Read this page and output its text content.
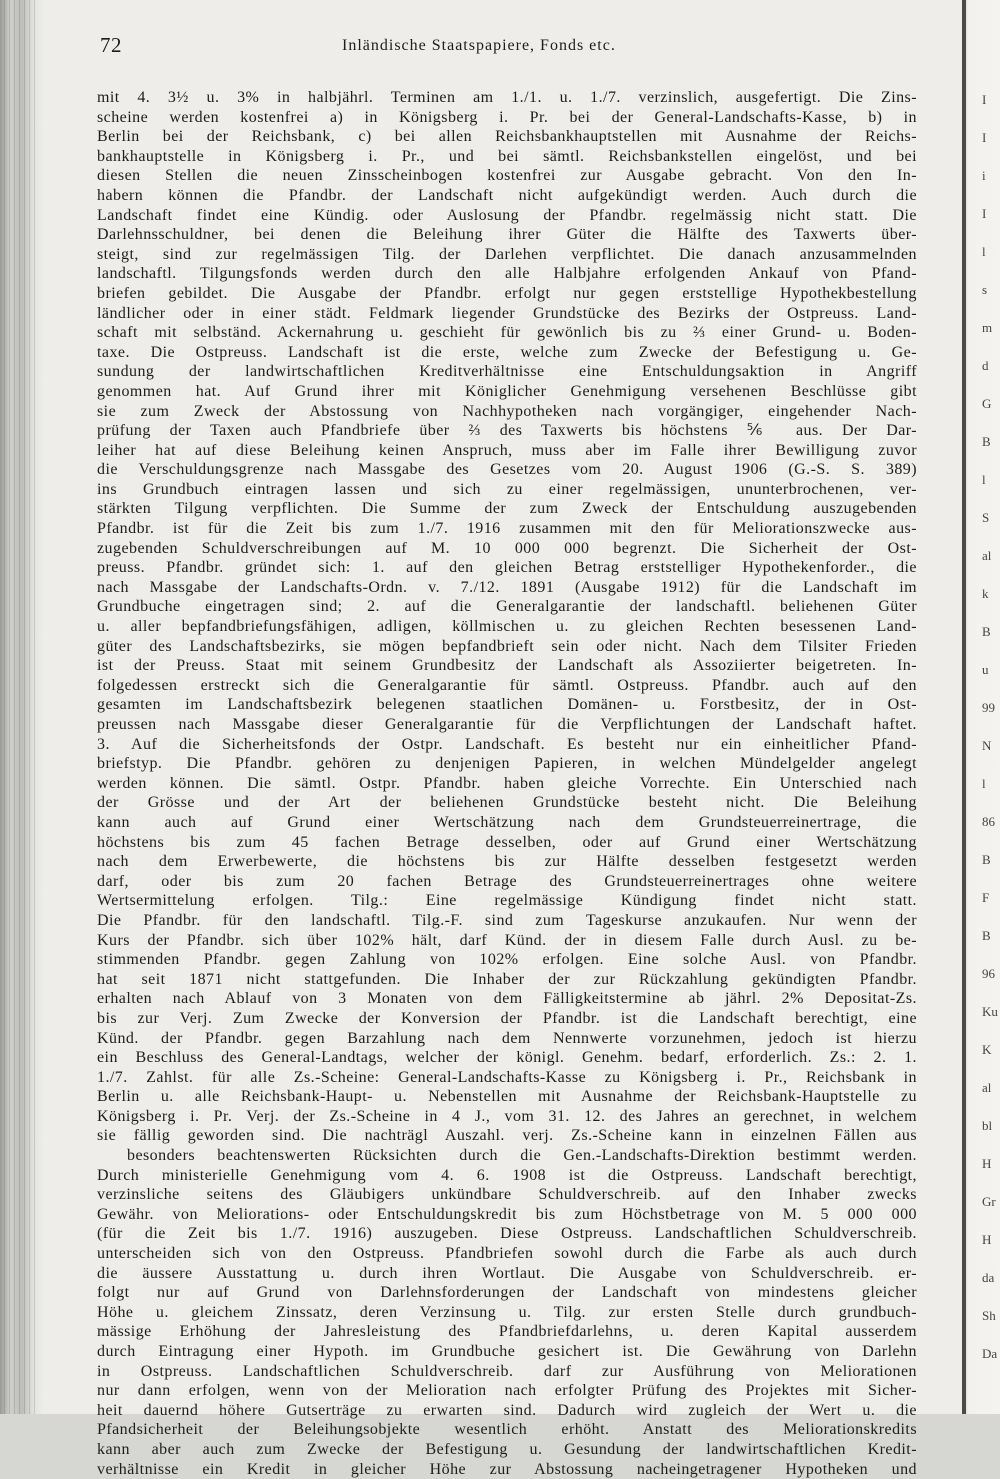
72	Inländische Staatspapiere, Fonds etc.
mit 4. 3½ u. 3% in halbjährl. Terminen am 1./1. u. 1./7. verzinslich, ausgefertigt. Die Zins-
scheine werden kostenfrei a) in Königsberg i. Pr. bei der General-Landschafts-Kasse, b) in
Berlin bei der Reichsbank, c) bei allen Reichsbankhauptstellen mit Ausnahme der Reichs-
bankhauptstelle in Königsberg i. Pr., und bei sämtl. Reichsbankstellen eingelöst, und bei
diesen Stellen die neuen Zinsscheinbogen kostenfrei zur Ausgabe gebracht. Von den In-
habern können die Pfandbr. der Landschaft nicht aufgekündigt werden. Auch durch die
Landschaft findet eine Kündig. oder Auslosung der Pfandbr. regelmässig nicht statt. Die
Darlehnsschuldner, bei denen die Beleihung ihrer Güter die Hälfte des Taxwerts über-
steigt, sind zur regelmässigen Tilg. der Darlehen verpflichtet. Die danach anzusammelnden
landschaftl. Tilgungsfonds werden durch den alle Halbjahre erfolgenden Ankauf von Pfand-
briefen gebildet. Die Ausgabe der Pfandbr. erfolgt nur gegen erststellige Hypothekbestellung
ländlicher oder in einer städt. Feldmark liegender Grundstücke des Bezirks der Ostpreuss. Land-
schaft mit selbständ. Ackernahrung u. geschieht für gewönlich bis zu ⅔ einer Grund- u. Boden-
taxe. Die Ostpreuss. Landschaft ist die erste, welche zum Zwecke der Befestigung u. Ge-
sundung der landwirtschaftlichen Kreditverhältnisse eine Entschuldungsaktion in Angriff
genommen hat. Auf Grund ihrer mit Königlicher Genehmigung versehenen Beschlüsse gibt
sie zum Zweck der Abstossung von Nachhypotheken nach vorgängiger, eingehender Nach-
prüfung der Taxen auch Pfandbriefe über ⅔ des Taxwerts bis höchstens ⅚ aus. Der Dar-
leiher hat auf diese Beleihung keinen Anspruch, muss aber im Falle ihrer Bewilligung zuvor
die Verschuldungsgrenze nach Massgabe des Gesetzes vom 20. August 1906 (G.-S. S. 389)
ins Grundbuch eintragen lassen und sich zu einer regelmässigen, ununterbrochenen, ver-
stärkten Tilgung verpflichten. Die Summe der zum Zweck der Entschuldung auszugebenden
Pfandbr. ist für die Zeit bis zum 1./7. 1916 zusammen mit den für Meliorationszwecke aus-
zugebenden Schuldverschreibungen auf M. 10 000 000 begrenzt. Die Sicherheit der Ost-
preuss. Pfandbr. gründet sich: 1. auf den gleichen Betrag erststelliger Hypothekenforder., die
nach Massgabe der Landschafts-Ordn. v. 7./12. 1891 (Ausgabe 1912) für die Landschaft im
Grundbuche eingetragen sind; 2. auf die Generalgarantie der landschaftl. beliehenen Güter
u. aller bepfandbriefungsfähigen, adligen, köllmischen u. zu gleichen Rechten besessenen Land-
güter des Landschaftsbezirks, sie mögen bepfandbrieft sein oder nicht. Nach dem Tilsiter Frieden
ist der Preuss. Staat mit seinem Grundbesitz der Landschaft als Assoziierter beigetreten. In-
folgedessen erstreckt sich die Generalgarantie für sämtl. Ostpreuss. Pfandbr. auch auf den
gesamten im Landschaftsbezirk belegenen staatlichen Domänen- u. Forstbesitz, der in Ost-
preussen nach Massgabe dieser Generalgarantie für die Verpflichtungen der Landschaft haftet.
3. Auf die Sicherheitsfonds der Ostpr. Landschaft. Es besteht nur ein einheitlicher Pfand-
briefstyp. Die Pfandbr. gehören zu denjenigen Papieren, in welchen Mündelgelder angelegt
werden können. Die sämtl. Ostpr. Pfandbr. haben gleiche Vorrechte. Ein Unterschied nach
der Grösse und der Art der beliehenen Grundstücke besteht nicht. Die Beleihung
kann auch auf Grund einer Wertschätzung nach dem Grundsteuerreinertrage, die
höchstens bis zum 45 fachen Betrage desselben, oder auf Grund einer Wertschätzung
nach dem Erwerbewerte, die höchstens bis zur Hälfte desselben festgesetzt werden
darf, oder bis zum 20 fachen Betrage des Grundsteuerreinertrages ohne weitere
Wertsermittelung erfolgen. Tilg.: Eine regelmässige Kündigung findet nicht statt.
Die Pfandbr. für den landschaftl. Tilg.-F. sind zum Tageskurse anzukaufen. Nur wenn der
Kurs der Pfandbr. sich über 102% hält, darf Künd. der in diesem Falle durch Ausl. zu be-
stimmenden Pfandbr. gegen Zahlung von 102% erfolgen. Eine solche Ausl. von Pfandbr.
hat seit 1871 nicht stattgefunden. Die Inhaber der zur Rückzahlung gekündigten Pfandbr.
erhalten nach Ablauf von 3 Monaten von dem Fälligkeitstermine ab jährl. 2% Depositat-Zs.
bis zur Verj. Zum Zwecke der Konversion der Pfandbr. ist die Landschaft berechtigt, eine
Künd. der Pfandbr. gegen Barzahlung nach dem Nennwerte vorzunehmen, jedoch ist hierzu
ein Beschluss des General-Landtags, welcher der königl. Genehm. bedarf, erforderlich. Zs.: 2. 1.
1./7. Zahlst. für alle Zs.-Scheine: General-Landschafts-Kasse zu Königsberg i. Pr., Reichsbank in
Berlin u. alle Reichsbank-Haupt- u. Nebenstellen mit Ausnahme der Reichsbank-Hauptstelle zu
Königsberg i. Pr. Verj. der Zs.-Scheine in 4 J., vom 31. 12. des Jahres an gerechnet, in welchem
sie fällig geworden sind. Die nachträgl Auszahl. verj. Zs.-Scheine kann in einzelnen Fällen aus
besonders beachtenswerten Rücksichten durch die Gen.-Landschafts-Direktion bestimmt werden.
Durch ministerielle Genehmigung vom 4. 6. 1908 ist die Ostpreuss. Landschaft berechtigt,
verzinsliche seitens des Gläubigers unkündbare Schuldverschreib. auf den Inhaber zwecks
Gewähr. von Meliorations- oder Entschuldungskredit bis zum Höchstbetrage von M. 5 000 000
(für die Zeit bis 1./7. 1916) auszugeben. Diese Ostpreuss. Landschaftlichen Schuldverschreib.
unterscheiden sich von den Ostpreuss. Pfandbriefen sowohl durch die Farbe als auch durch
die äussere Ausstattung u. durch ihren Wortlaut. Die Ausgabe von Schuldverschreib. er-
folgt nur auf Grund von Darlehnsforderungen der Landschaft von mindestens gleicher
Höhe u. gleichem Zinssatz, deren Verzinsung u. Tilg. zur ersten Stelle durch grundbuch-
mässige Erhöhung der Jahresleistung des Pfandbriefdarlehns, u. deren Kapital ausserdem
durch Eintragung einer Hypoth. im Grundbuche gesichert ist. Die Gewährung von Darlehn
in Ostpreuss. Landschaftlichen Schuldverschreib. darf zur Ausführung von Meliorationen
nur dann erfolgen, wenn von der Melioration nach erfolgter Prüfung des Projektes mit Sicher-
heit dauernd höhere Gutserträge zu erwarten sind. Dadurch wird zugleich der Wert u. die
Pfandsicherheit der Beleihungsobjekte wesentlich erhöht. Anstatt des Meliorationskredits
kann aber auch zum Zwecke der Befestigung u. Gesundung der landwirtschaftlichen Kredit-
verhältnisse ein Kredit in gleicher Höhe zur Abstossung nacheingetragener Hypotheken und
I
I
i
I
l
s
m
d
G
B
l
S
al
k
B
u
99
N
l
86
B
F
B
96
Ku
K
al
bl
H
Gr
H
da
Sh
Da
